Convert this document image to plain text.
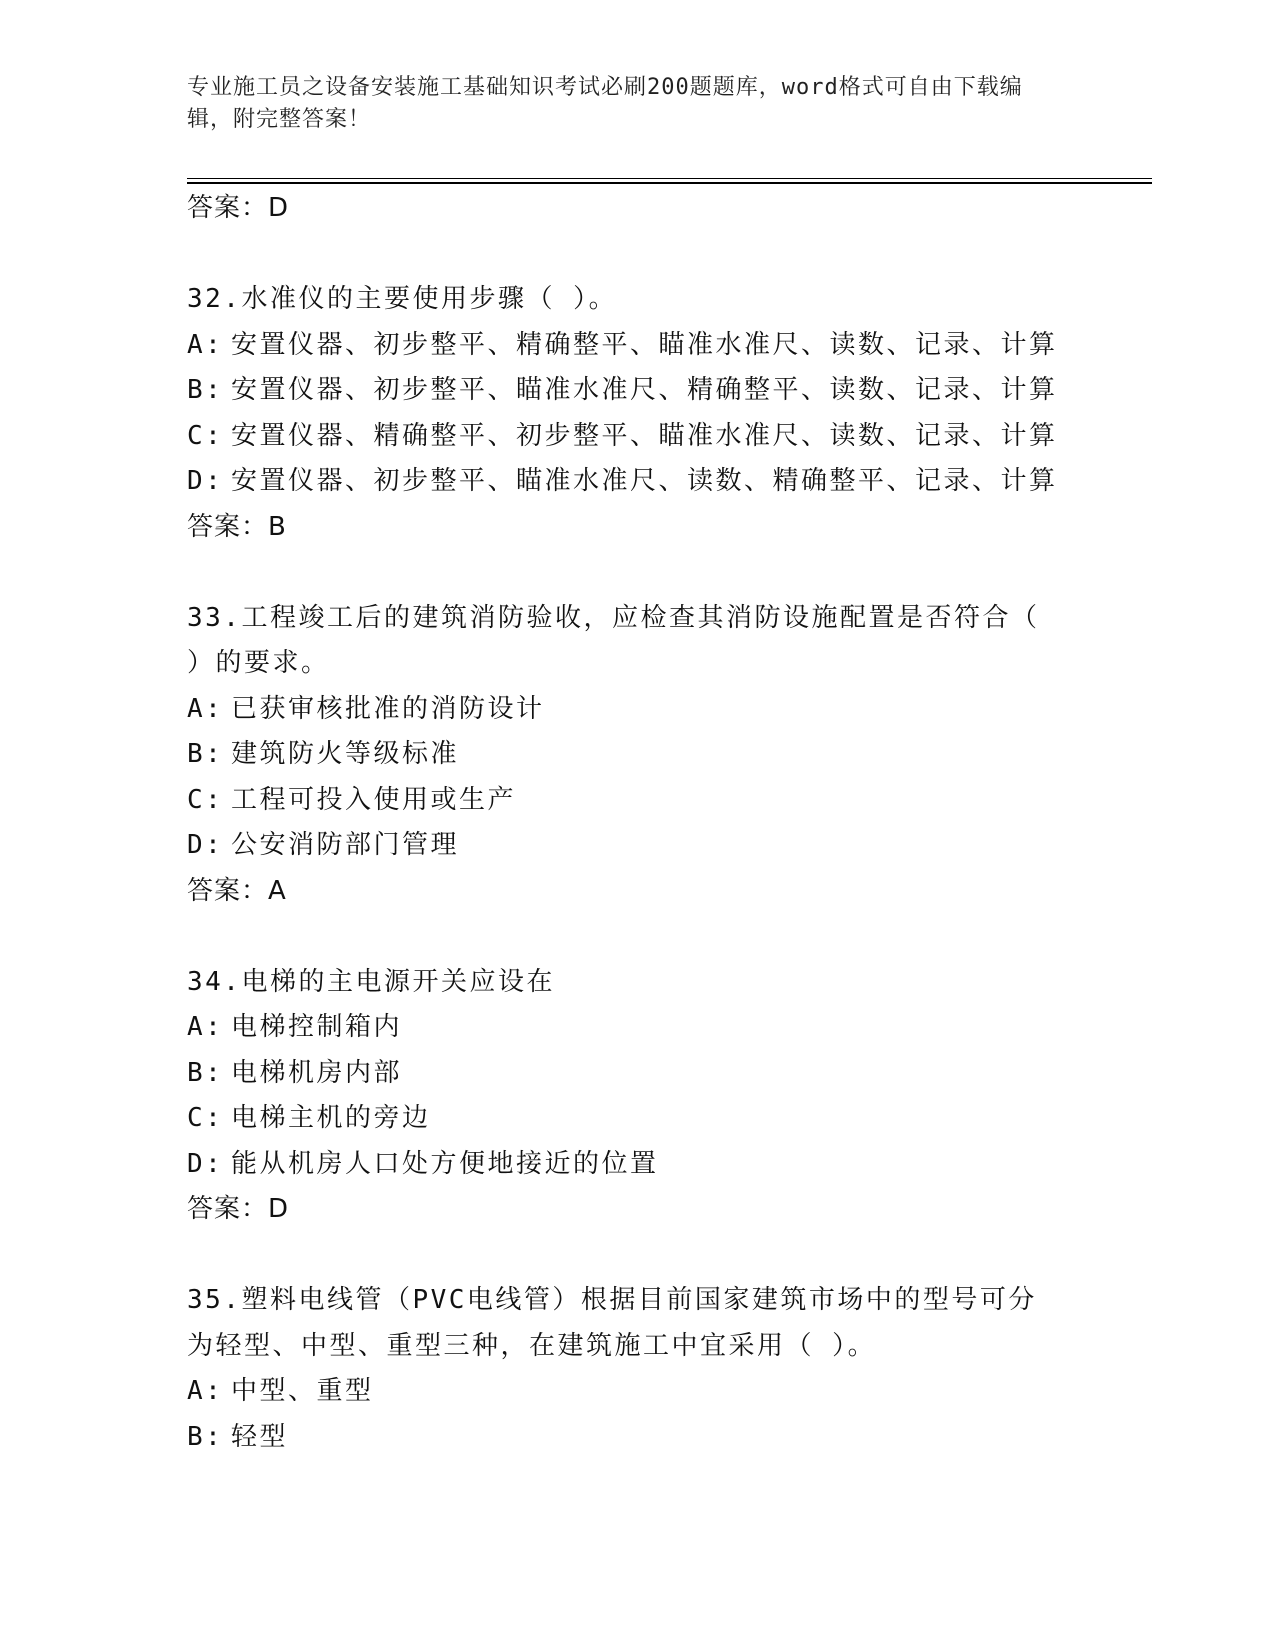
专业施工员之设备安装施工基础知识考试必刷200题题库，word格式可自由下载编辑，附完整答案！
答案：D
32.水准仪的主要使用步骤（ ）。
A: 安置仪器、初步整平、精确整平、瞄准水准尺、读数、记录、计算
B: 安置仪器、初步整平、瞄准水准尺、精确整平、读数、记录、计算
C: 安置仪器、精确整平、初步整平、瞄准水准尺、读数、记录、计算
D: 安置仪器、初步整平、瞄准水准尺、读数、精确整平、记录、计算
答案：B
33.工程竣工后的建筑消防验收，应检查其消防设施配置是否符合（ ）的要求。
A: 已获审核批准的消防设计
B: 建筑防火等级标准
C: 工程可投入使用或生产
D: 公安消防部门管理
答案：A
34.电梯的主电源开关应设在
A: 电梯控制箱内
B: 电梯机房内部
C: 电梯主机的旁边
D: 能从机房人口处方便地接近的位置
答案：D
35.塑料电线管（PVC电线管）根据目前国家建筑市场中的型号可分为轻型、中型、重型三种，在建筑施工中宜采用（ ）。
A: 中型、重型
B: 轻型
